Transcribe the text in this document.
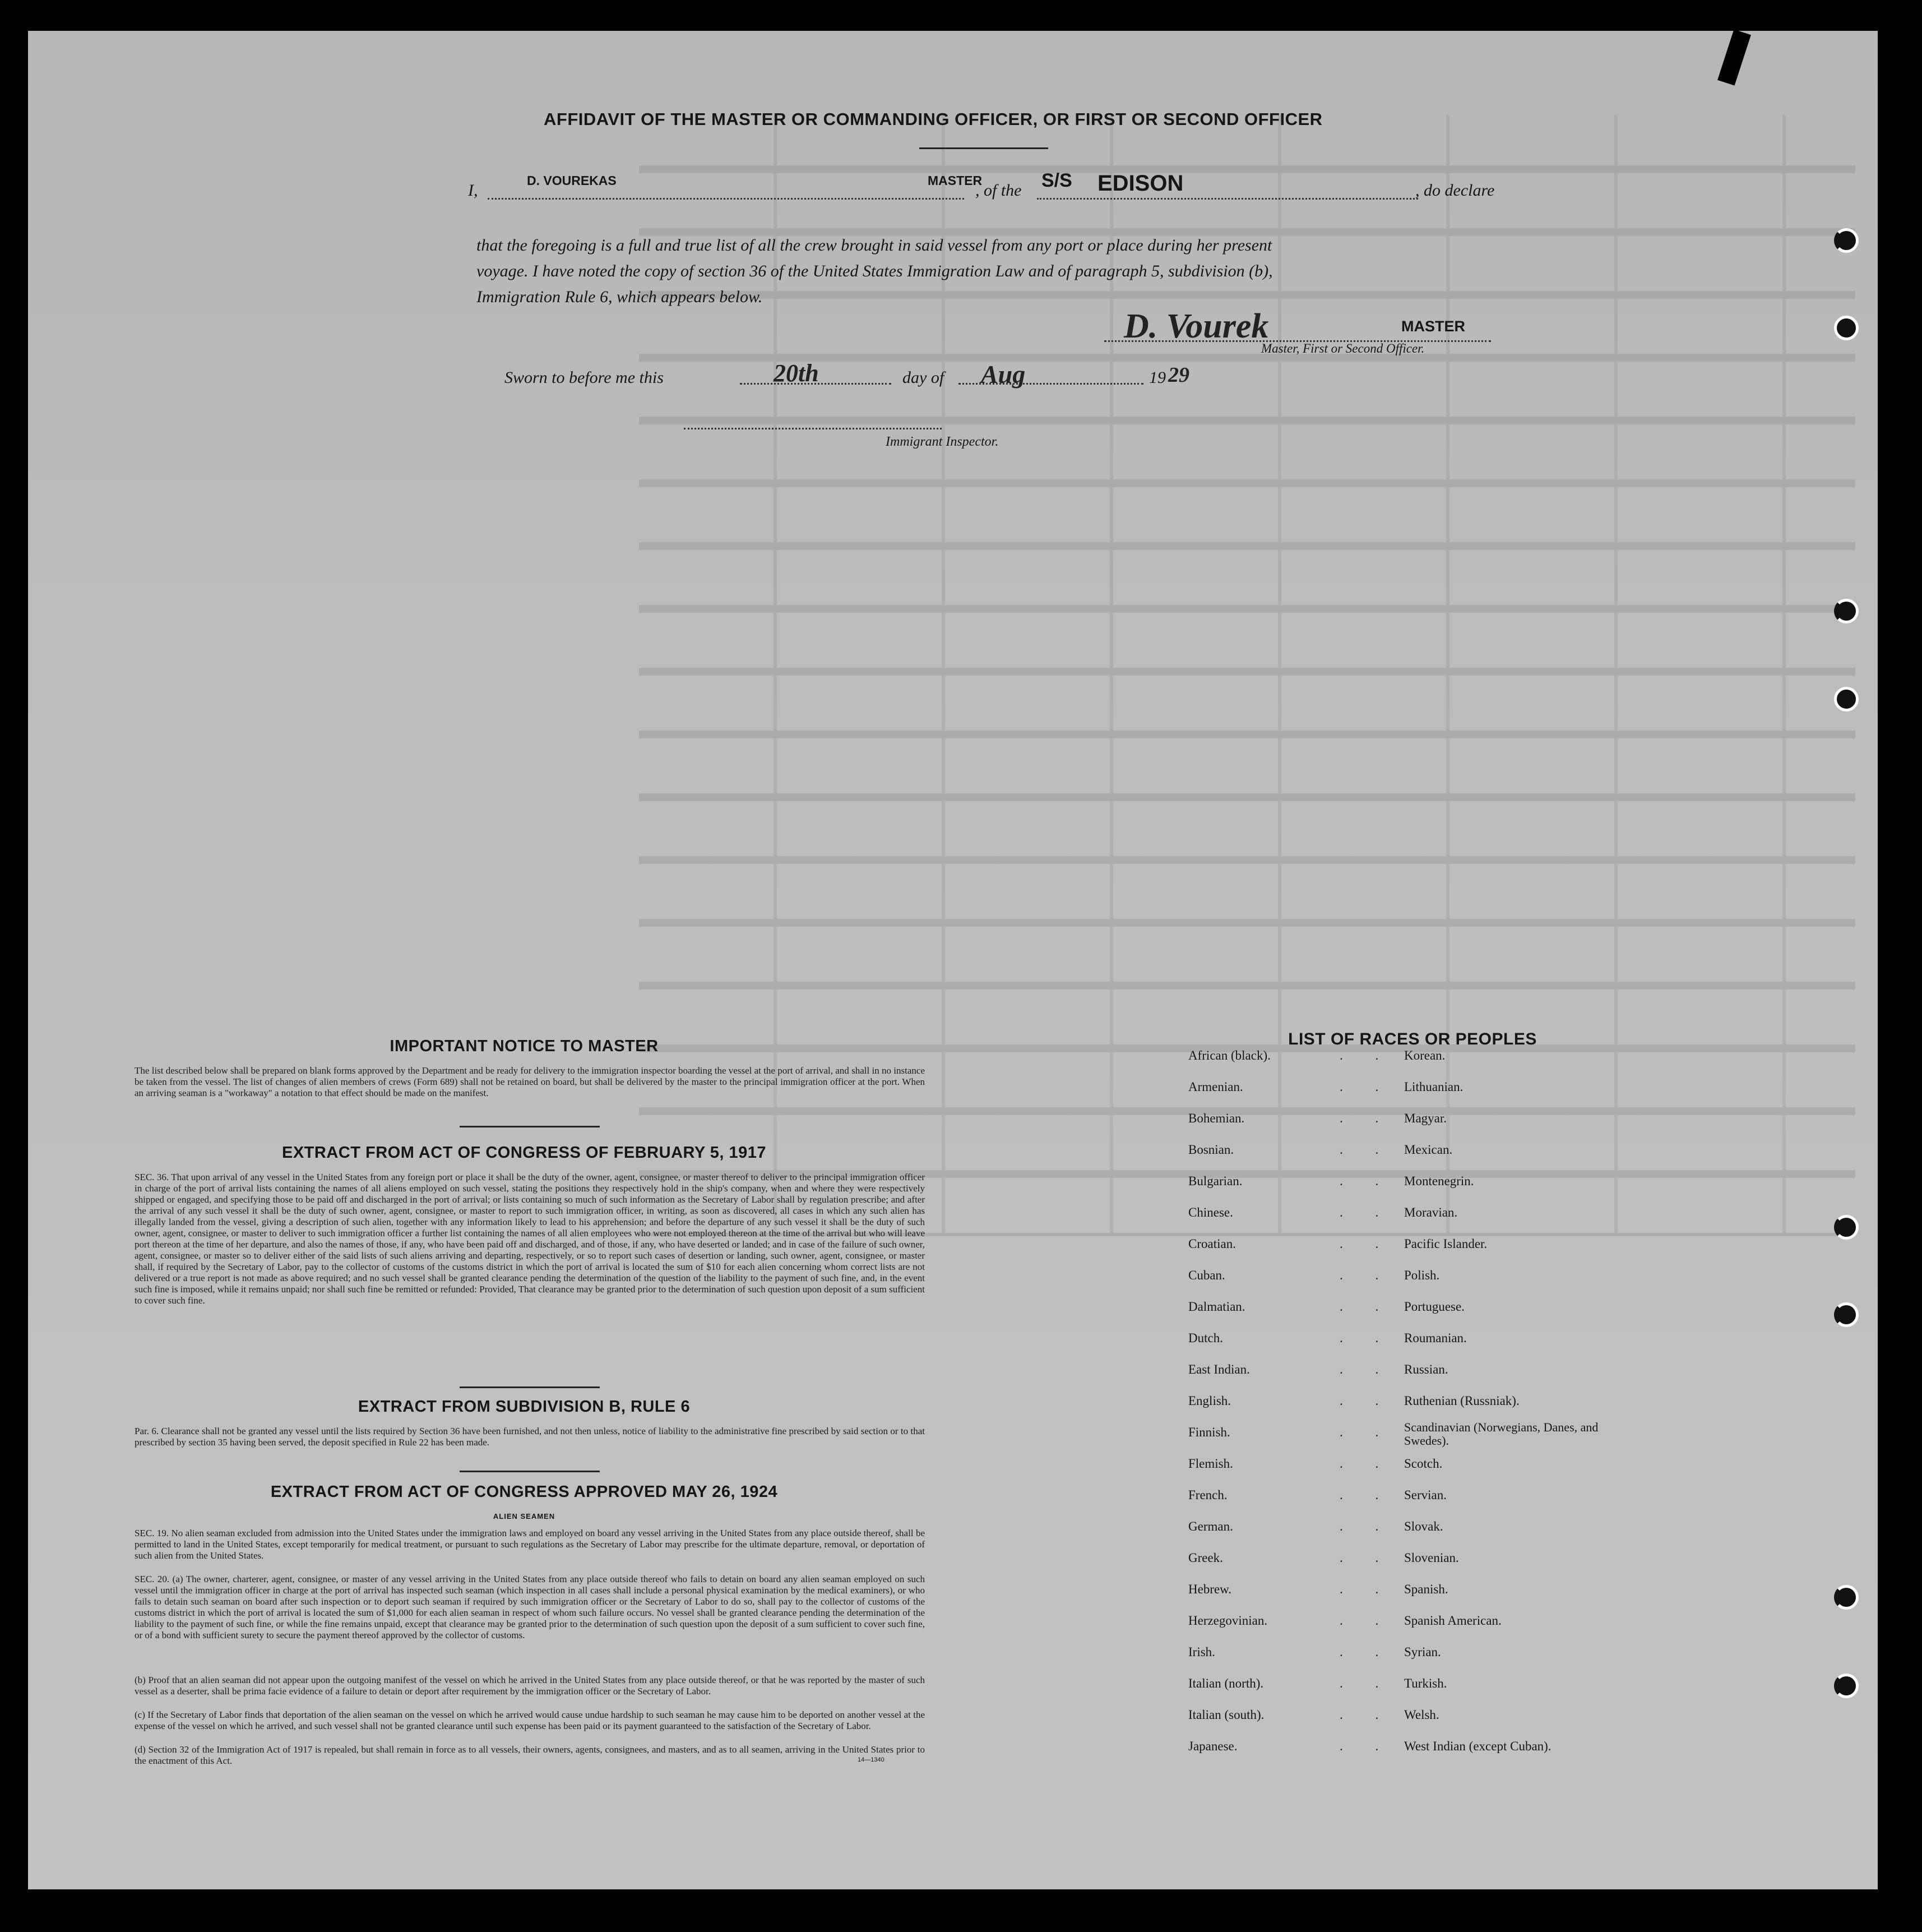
AFFIDAVIT OF THE MASTER OR COMMANDING OFFICER, OR FIRST OR SECOND OFFICER
I,
D. VOUREKAS	MASTER
, of the S/S EDISON	, do declare
that the foregoing is a full and true list of all the crew brought in said vessel from any port or place during her present
voyage. I have noted the copy of section 36 of the United States Immigration Law and of paragraph 5, subdivision (b),
Immigration Rule 6, which appears below.
D. Vourek	MASTER
Master, First or Second Officer.
Sworn to before me this	20th	day of Aug	19 29
Immigrant Inspector.
IMPORTANT NOTICE TO MASTER
The list described below shall be prepared on blank forms approved by the Department and be ready for delivery to the immigration inspector boarding the vessel at the port of arrival, and shall in no instance be taken from the vessel. The list of changes of alien members of crews (Form 689) shall not be retained on board, but shall be delivered by the master to the principal immigration officer at the port. When an arriving seaman is a "workaway" a notation to that effect should be made on the manifest.
EXTRACT FROM ACT OF CONGRESS OF FEBRUARY 5, 1917
SEC. 36. That upon arrival of any vessel in the United States from any foreign port or place it shall be the duty of the owner, agent, consignee, or master thereof to deliver to the principal immigration officer in charge of the port of arrival lists containing the names of all aliens employed on such vessel, stating the positions they respectively hold in the ship's company, when and where they were respectively shipped or engaged, and specifying those to be paid off and discharged in the port of arrival; or lists containing so much of such information as the Secretary of Labor shall by regulation prescribe; and after the arrival of any such vessel it shall be the duty of such owner, agent, consignee, or master to report to such immigration officer, in writing, as soon as discovered, all cases in which any such alien has illegally landed from the vessel, giving a description of such alien, together with any information likely to lead to his apprehension; and before the departure of any such vessel it shall be the duty of such owner, agent, consignee, or master to deliver to such immigration officer a further list containing the names of all alien employees who were not employed thereon at the time of the arrival but who will leave port thereon at the time of her departure, and also the names of those, if any, who have been paid off and discharged, and of those, if any, who have deserted or landed; and in case of the failure of such owner, agent, consignee, or master so to deliver either of the said lists of such aliens arriving and departing, respectively, or so to report such cases of desertion or landing, such owner, agent, consignee, or master shall, if required by the Secretary of Labor, pay to the collector of customs of the customs district in which the port of arrival is located the sum of $10 for each alien concerning whom correct lists are not delivered or a true report is not made as above required; and no such vessel shall be granted clearance pending the determination of the question of the liability to the payment of such fine, and, in the event such fine is imposed, while it remains unpaid; nor shall such fine be remitted or refunded: Provided, That clearance may be granted prior to the determination of such question upon deposit of a sum sufficient to cover such fine.
EXTRACT FROM SUBDIVISION B, RULE 6
Par. 6. Clearance shall not be granted any vessel until the lists required by Section 36 have been furnished, and not then unless, notice of liability to the administrative fine prescribed by said section or to that prescribed by section 35 having been served, the deposit specified in Rule 22 has been made.
EXTRACT FROM ACT OF CONGRESS APPROVED MAY 26, 1924
ALIEN SEAMEN
SEC. 19. No alien seaman excluded from admission into the United States under the immigration laws and employed on board any vessel arriving in the United States from any place outside thereof, shall be permitted to land in the United States, except temporarily for medical treatment, or pursuant to such regulations as the Secretary of Labor may prescribe for the ultimate departure, removal, or deportation of such alien from the United States.
SEC. 20. (a) The owner, charterer, agent, consignee, or master of any vessel arriving in the United States from any place outside thereof who fails to detain on board any alien seaman employed on such vessel until the immigration officer in charge at the port of arrival has inspected such seaman (which inspection in all cases shall include a personal physical examination by the medical examiners), or who fails to detain such seaman on board after such inspection or to deport such seaman if required by such immigration officer or the Secretary of Labor to do so, shall pay to the collector of customs of the customs district in which the port of arrival is located the sum of $1,000 for each alien seaman in respect of whom such failure occurs. No vessel shall be granted clearance pending the determination of the liability to the payment of such fine, or while the fine remains unpaid, except that clearance may be granted prior to the determination of such question upon the deposit of a sum sufficient to cover such fine, or of a bond with sufficient surety to secure the payment thereof approved by the collector of customs.
(b) Proof that an alien seaman did not appear upon the outgoing manifest of the vessel on which he arrived in the United States from any place outside thereof, or that he was reported by the master of such vessel as a deserter, shall be prima facie evidence of a failure to detain or deport after requirement by the immigration officer or the Secretary of Labor.
(c) If the Secretary of Labor finds that deportation of the alien seaman on the vessel on which he arrived would cause undue hardship to such seaman he may cause him to be deported on another vessel at the expense of the vessel on which he arrived, and such vessel shall not be granted clearance until such expense has been paid or its payment guaranteed to the satisfaction of the Secretary of Labor.
(d) Section 32 of the Immigration Act of 1917 is repealed, but shall remain in force as to all vessels, their owners, agents, consignees, and masters, and as to all seamen, arriving in the United States prior to the enactment of this Act.	14—1340
LIST OF RACES OR PEOPLES
African (black).	. . Korean.
Armenian.	. . Lithuanian.
Bohemian.	. . Magyar.
Bosnian.	. . Mexican.
Bulgarian.	. . Montenegrin.
Chinese.	. . Moravian.
Croatian.	. . Pacific Islander.
Cuban.	. . Polish.
Dalmatian.	. . Portuguese.
Dutch.	. . Roumanian.
East Indian.	. . Russian.
English.	. . Ruthenian (Russniak).
Finnish.	. . Scandinavian (Norwegians, Danes, and Swedes).
Flemish.	. . Scotch.
French.	. . Servian.
German.	. . Slovak.
Greek.	. . Slovenian.
Hebrew.	. . Spanish.
Herzegovinian.	. . Spanish American.
Irish.	. . Syrian.
Italian (north).	. . Turkish.
Italian (south).	. . Welsh.
Japanese.	. . West Indian (except Cuban).
